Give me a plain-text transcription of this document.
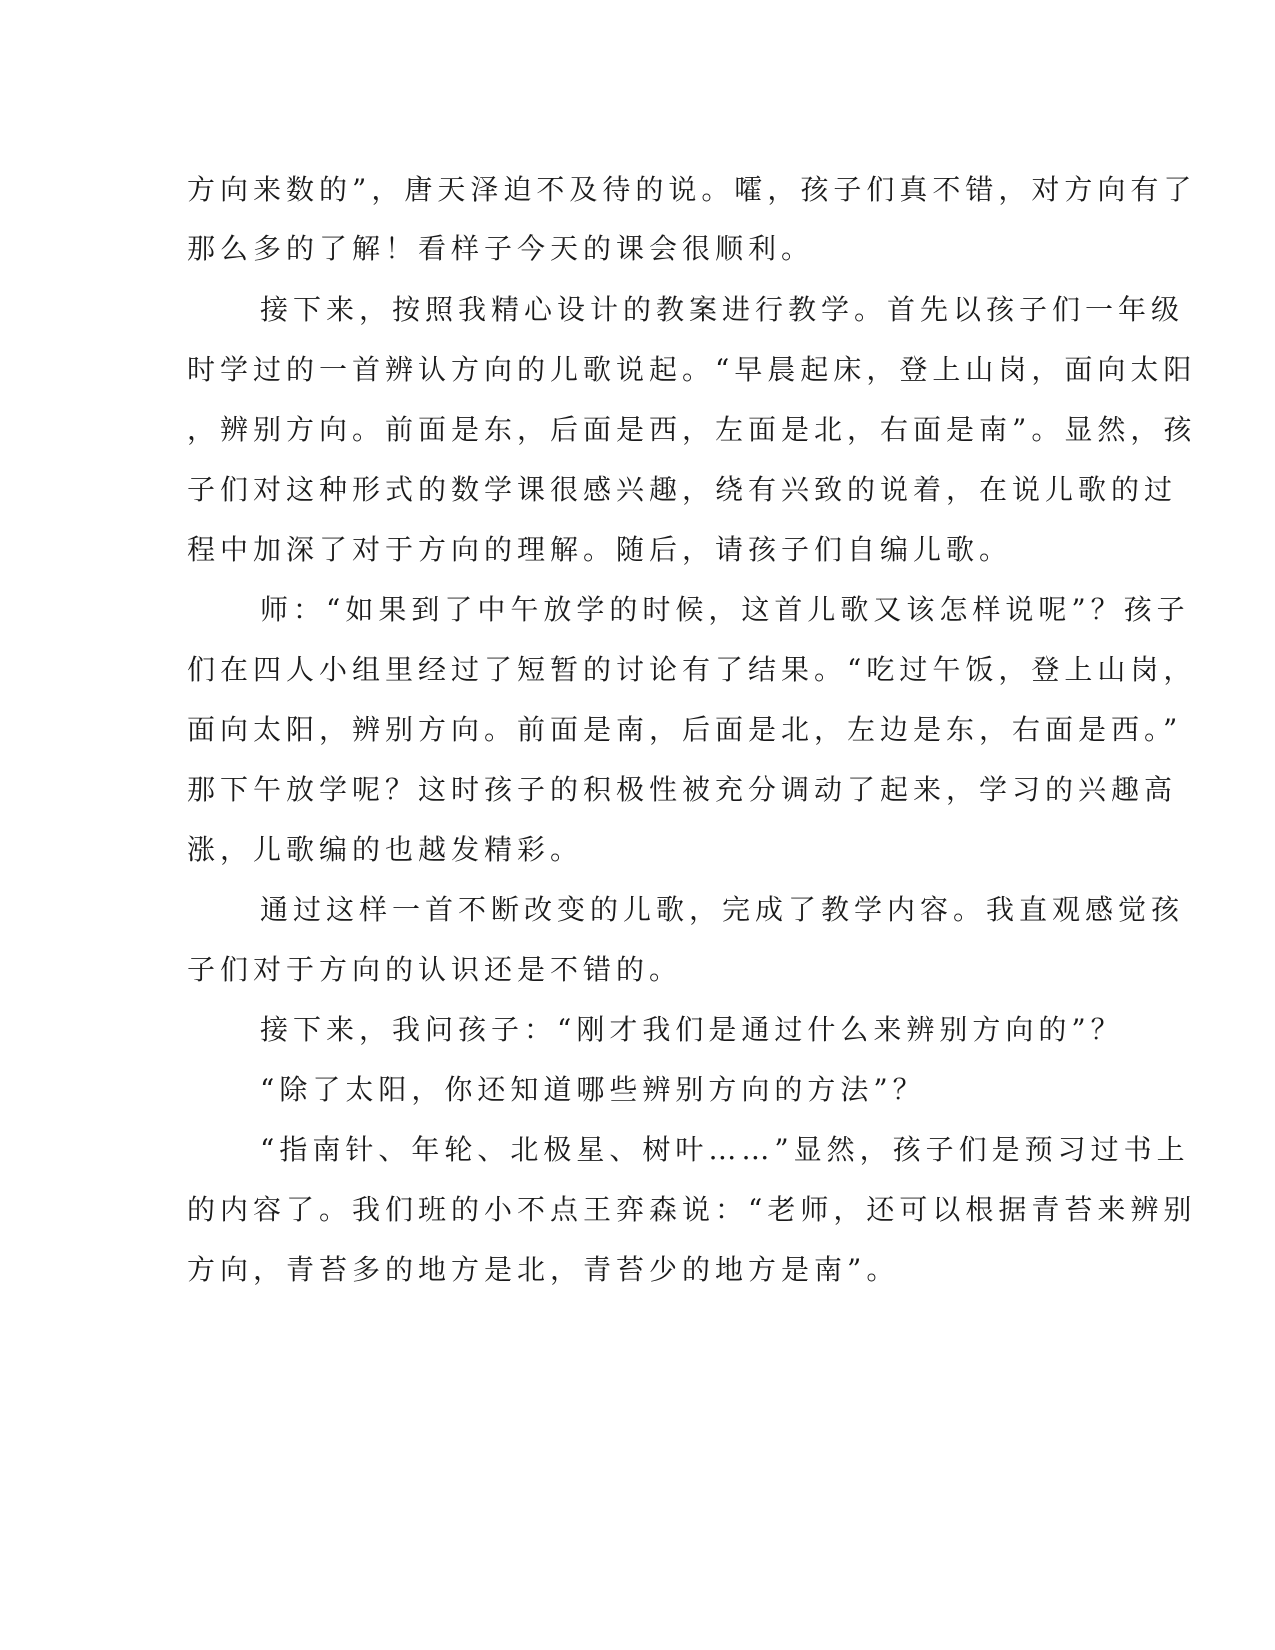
方向来数的”，唐天泽迫不及待的说。嚯，孩子们真不错，对方向有了
那么多的了解！看样子今天的课会很顺利。
接下来，按照我精心设计的教案进行教学。首先以孩子们一年级
时学过的一首辨认方向的儿歌说起。“早晨起床，登上山岗，面向太阳
，辨别方向。前面是东，后面是西，左面是北，右面是南”。显然，孩
子们对这种形式的数学课很感兴趣，绕有兴致的说着，在说儿歌的过
程中加深了对于方向的理解。随后，请孩子们自编儿歌。
师：“如果到了中午放学的时候，这首儿歌又该怎样说呢”？孩子
们在四人小组里经过了短暂的讨论有了结果。“吃过午饭，登上山岗，
面向太阳，辨别方向。前面是南，后面是北，左边是东，右面是西。”
那下午放学呢？这时孩子的积极性被充分调动了起来，学习的兴趣高
涨，儿歌编的也越发精彩。
通过这样一首不断改变的儿歌，完成了教学内容。我直观感觉孩
子们对于方向的认识还是不错的。
接下来，我问孩子：“刚才我们是通过什么来辨别方向的”？
“除了太阳，你还知道哪些辨别方向的方法”？
“指南针、年轮、北极星、树叶……”显然，孩子们是预习过书上
的内容了。我们班的小不点王弈森说：“老师，还可以根据青苔来辨别
方向，青苔多的地方是北，青苔少的地方是南”。
